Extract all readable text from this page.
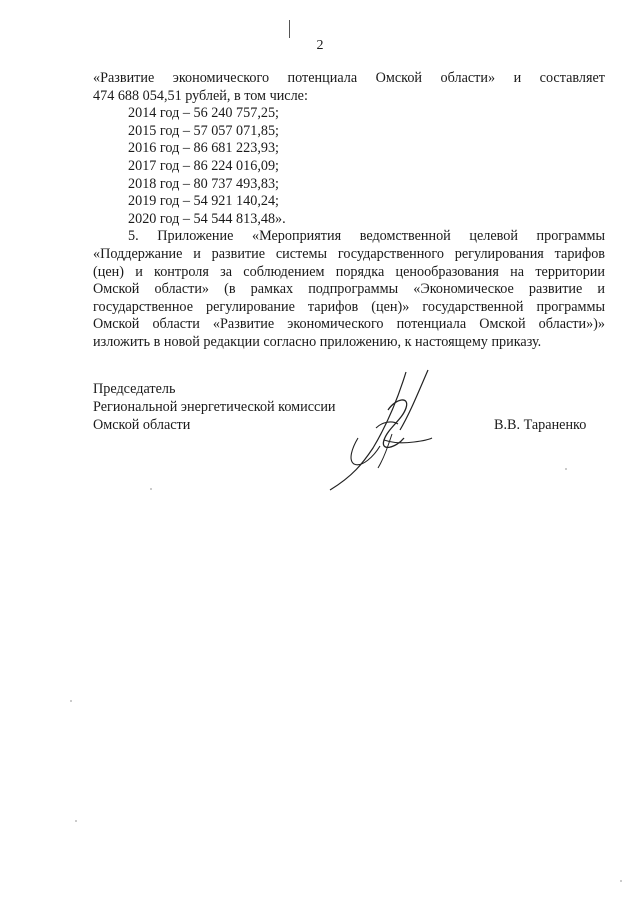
2

«Развитие экономического потенциала Омской области» и составляет

474 688 054,51 рублей, в том числе:

2014 год – 56 240 757,25;
2015 год – 57 057 071,85;
2016 год – 86 681 223,93;
2017 год – 86 224 016,09;
2018 год – 80 737 493,83;
2019 год – 54 921 140,24;
2020 год – 54 544 813,48».

5. Приложение «Мероприятия ведомственной целевой программы

«Поддержание и развитие системы государственного регулирования тарифов

(цен) и контроля за соблюдением порядка ценообразования на территории

Омской области» (в рамках подпрограммы «Экономическое развитие и

государственное регулирование тарифов (цен)» государственной программы

Омской области «Развитие экономического потенциала Омской области»)»

изложить в новой редакции согласно приложению, к настоящему приказу.

Председатель
Региональной энергетической комиссии
Омской области	В.В. Тараненко
